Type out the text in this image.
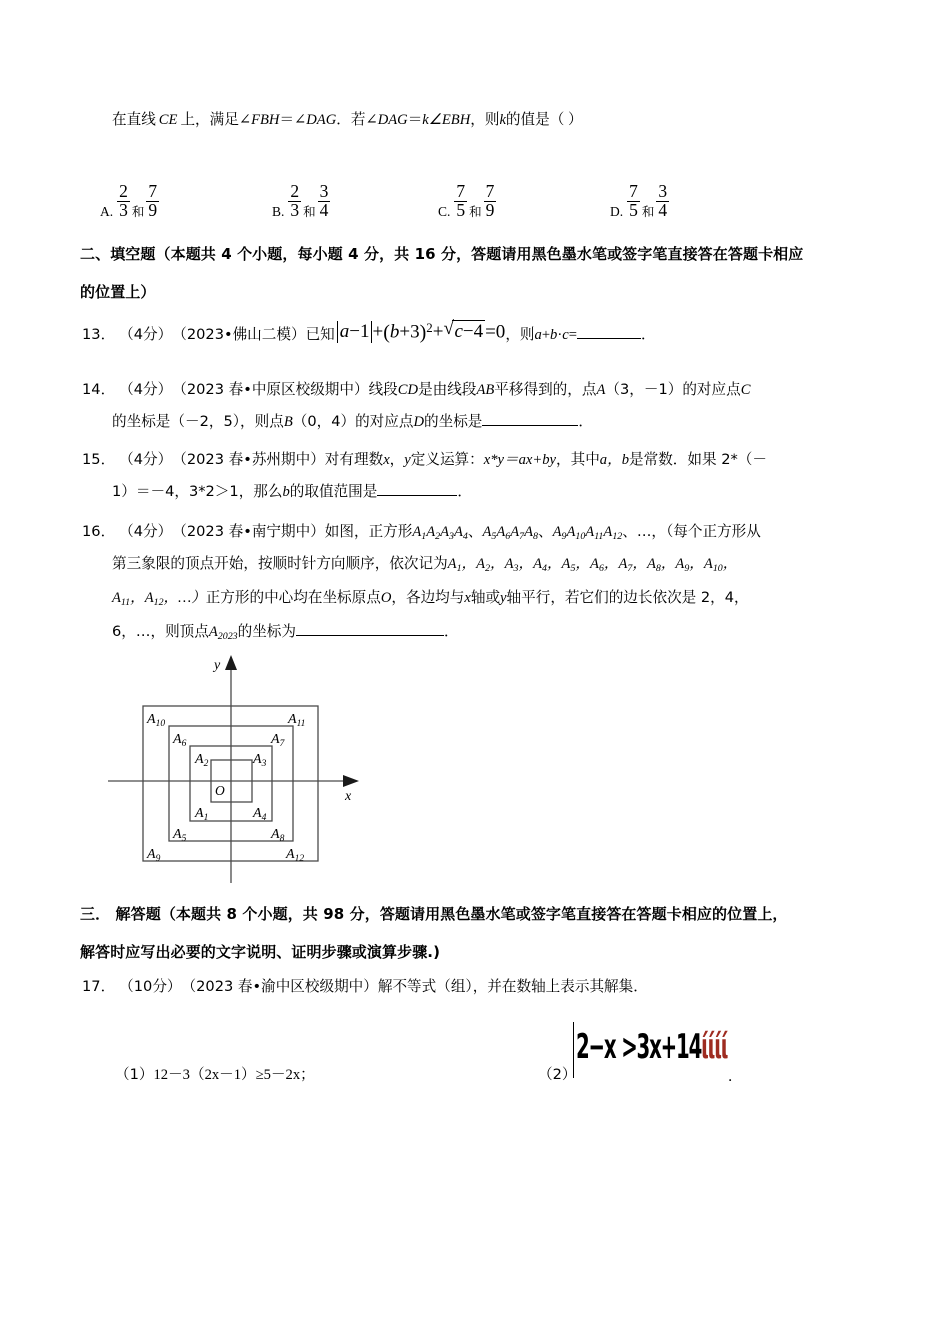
在直线 CE 上，满足∠ FBH ＝∠ DAG ．若∠ DAG ＝ k ∠EBH ，则 k 的值是（ ）
A. $\frac{2}{3}$ 和 $\frac{7}{9}$	B. $\frac{2}{3}$ 和 $\frac{3}{4}$	C. $\frac{7}{5}$ 和 $\frac{7}{9}$	D. $\frac{7}{5}$ 和 $\frac{3}{4}$
二、填空题（本题共 4 个小题，每小题 4 分，共 16 分，答题请用黑色墨水笔或签字笔直接答在答题卡相应
的位置上）
13． （4分） （2023•佛山二模） 已知 $a-1 +(b+3)^2+$ √ c−4 =0 ，则 a + b · c =	．
14． （4分） （2023 春•中原区校级期中） 线段 CD 是由线段 AB 平移得到的，点 A （3，－1）的对应点 C
的坐标是（－2，5），则点 B （0，4）的对应点 D 的坐标是	．
15． （4分） （2023 春•苏州期中） 对有理数 x ， y 定义运算： x*y＝ax+by ，其中 a，b 是常数．如果 2*（－
1）＝－4，3*2＞1，那么 b 的取值范围是	．
16． （4分） （2023 春•南宁期中） 如图，正方形 $A_1A_2A_3A_4$ 、 $A_5A_6A_7A_8$ 、 $A_9A_{10}A_{11}A_{12}$ 、…，（每个正方形从
第三象限的顶点开始，按顺时针方向顺序，依次记为 $A_1$，$A_2$，$A_3$，$A_4$，$A_5$，$A_6$，$A_7$，$A_8$，$A_9$，$A_{10}$，
$A_{11}$，$A_{12}$，…） 正方形的中心均在坐标原点 O ，各边均与 x 轴或 y 轴平行，若它们的边长依次是 2，4，
6，…，则顶点 $A_{2023}$ 的坐标为	．
x
y
O
$A_{10}$	$A_{11}$
$A_6$	$A_7$
$A_2$	$A_3$
$A_1$	$A_4$
$A_5$	$A_8$
$A_9$	$A_{12}$
三． 解答题（本题共 8 个小题，共 98 分，答题请用黑色墨水笔或签字笔直接答在答题卡相应的位置上，
解答时应写出必要的文字说明、证明步骤或演算步骤.)
17． （10分） （2023 春•渝中区校级期中） 解不等式（组），并在数轴上表示其解集．
（1） 12－3（2x－1）≥5－2x；	（2）
2−x >3x+14ίίίί
．
